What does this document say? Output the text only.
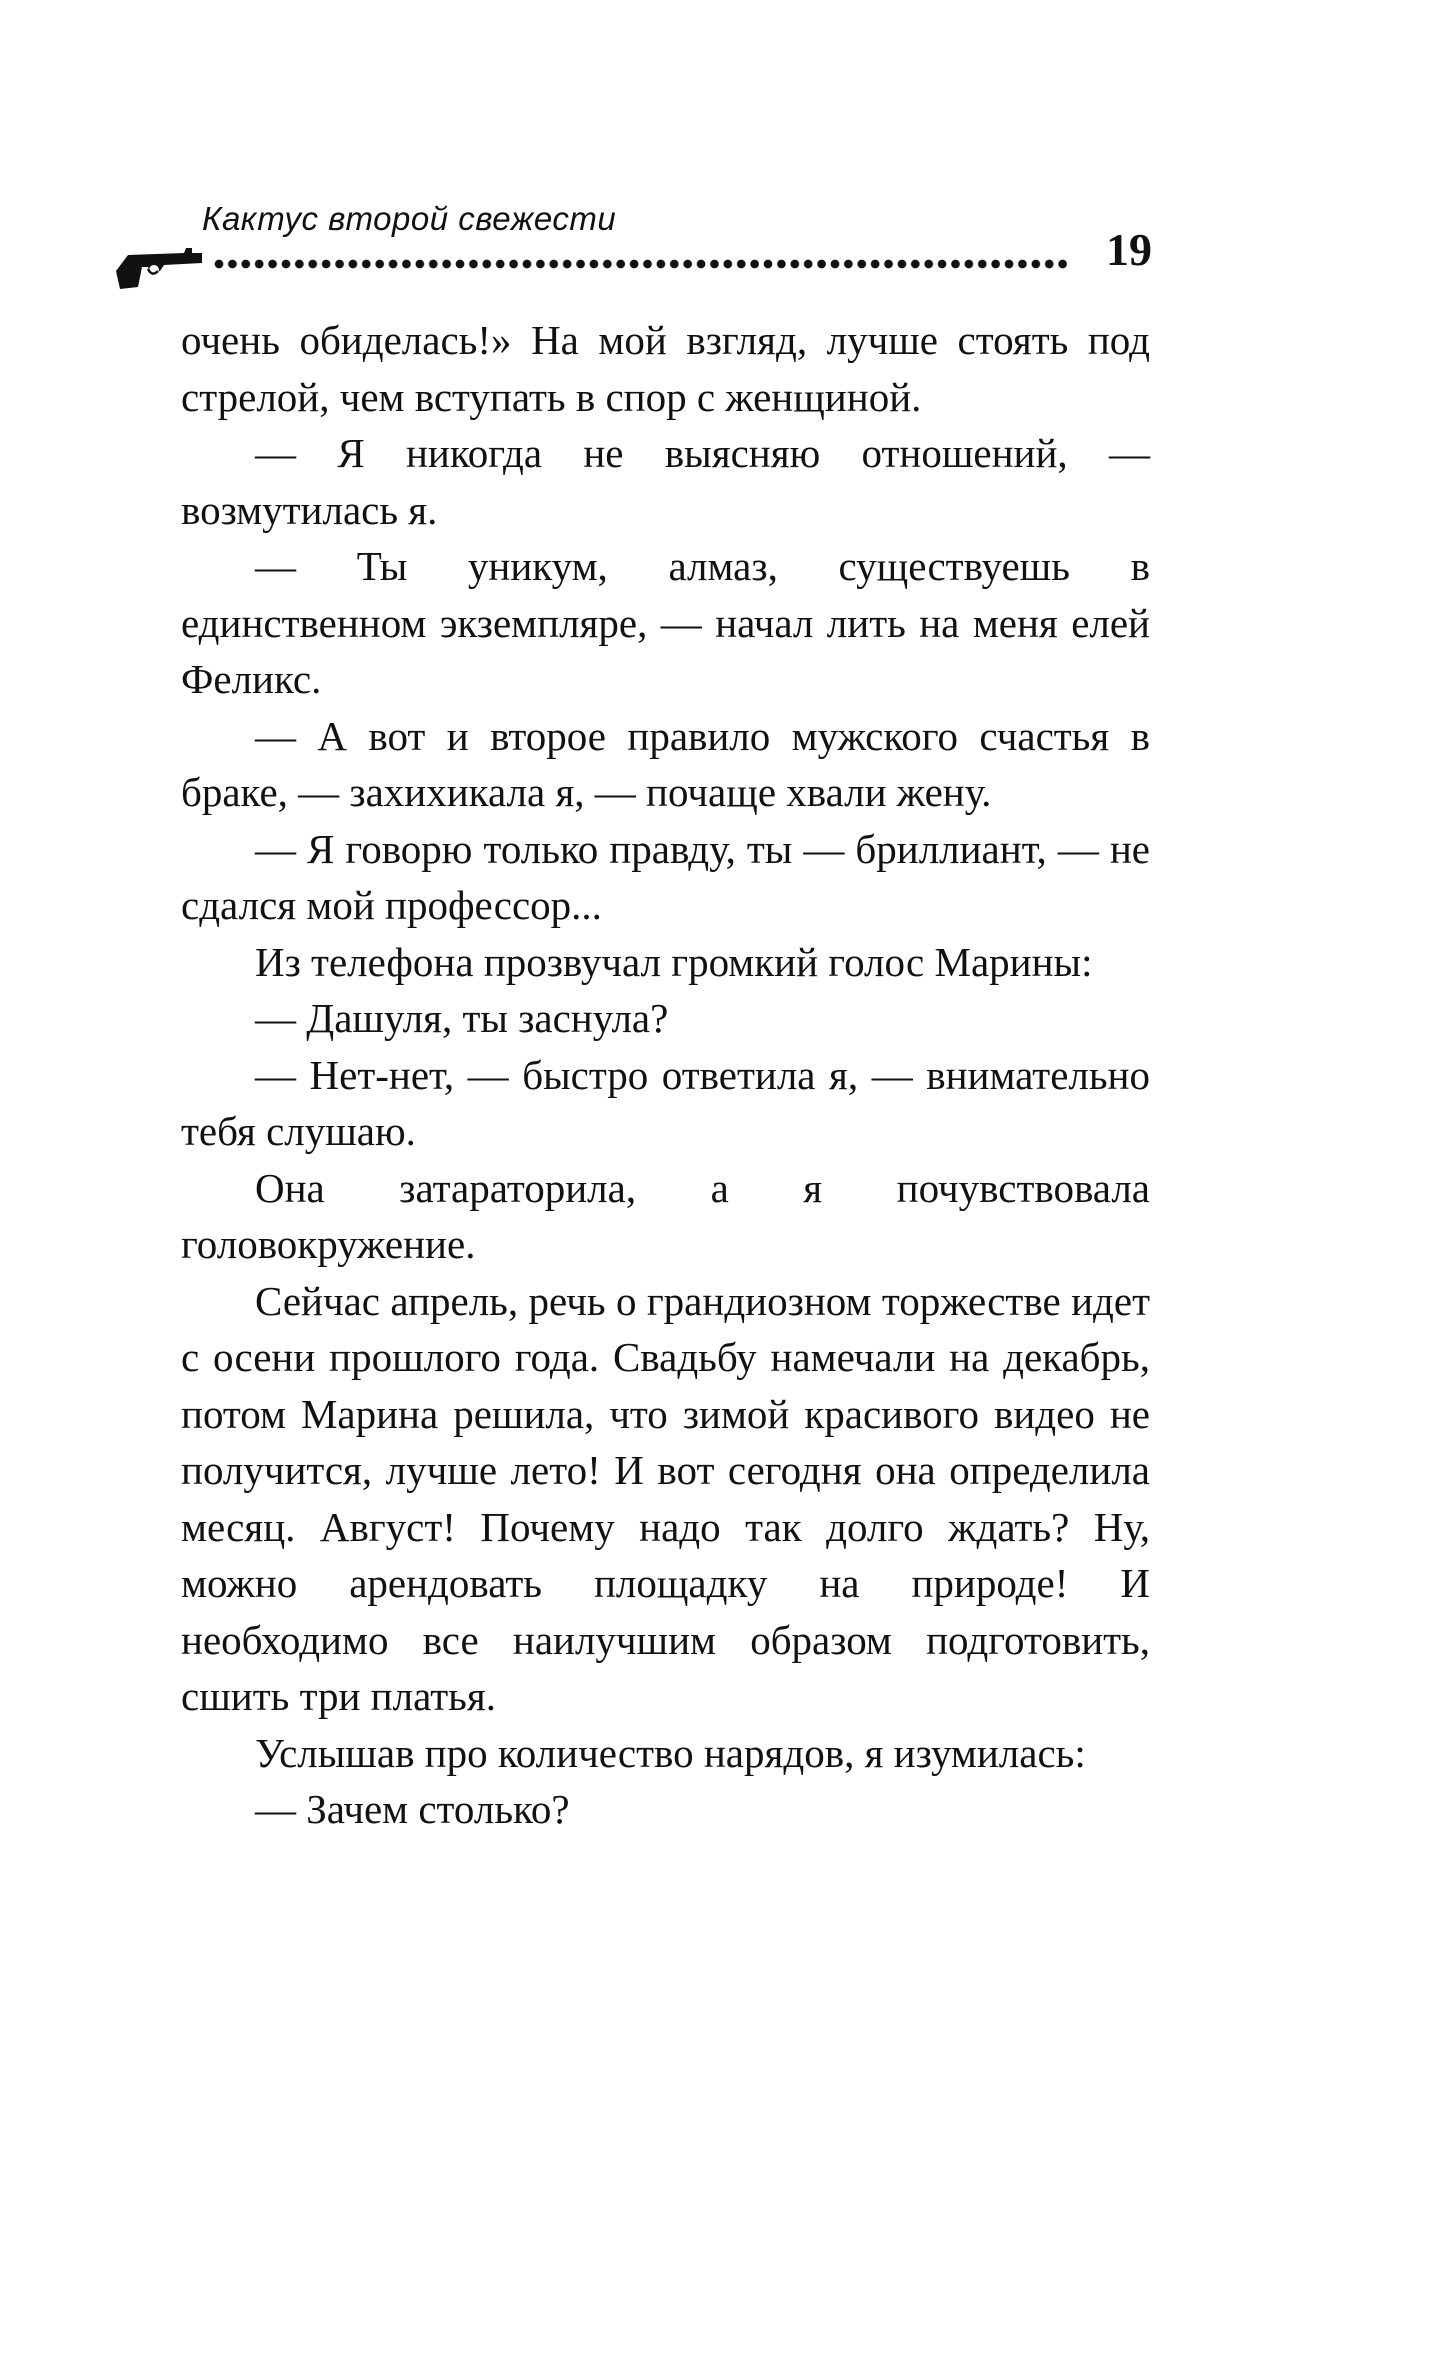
Кактус второй свежести
19

очень обиделась!» На мой взгляд, лучше стоять под стрелой, чем вступать в спор с женщиной.

— Я никогда не выясняю отношений, — возмутилась я.

— Ты уникум, алмаз, существуешь в единственном экземпляре, — начал лить на меня елей Феликс.

— А вот и второе правило мужского счастья в браке, — захихикала я, — почаще хвали жену.

— Я говорю только правду, ты — бриллиант, — не сдался мой профессор...

Из телефона прозвучал громкий голос Марины:

— Дашуля, ты заснула?

— Нет-нет, — быстро ответила я, — внимательно тебя слушаю.

Она затараторила, а я почувствовала головокружение.

Сейчас апрель, речь о грандиозном торжестве идет с осени прошлого года. Свадьбу намечали на декабрь, потом Марина решила, что зимой красивого видео не получится, лучше лето! И вот сегодня она определила месяц. Август! Почему надо так долго ждать? Ну, можно арендовать площадку на природе! И необходимо все наилучшим образом подготовить, сшить три платья.

Услышав про количество нарядов, я изумилась:

— Зачем столько?
